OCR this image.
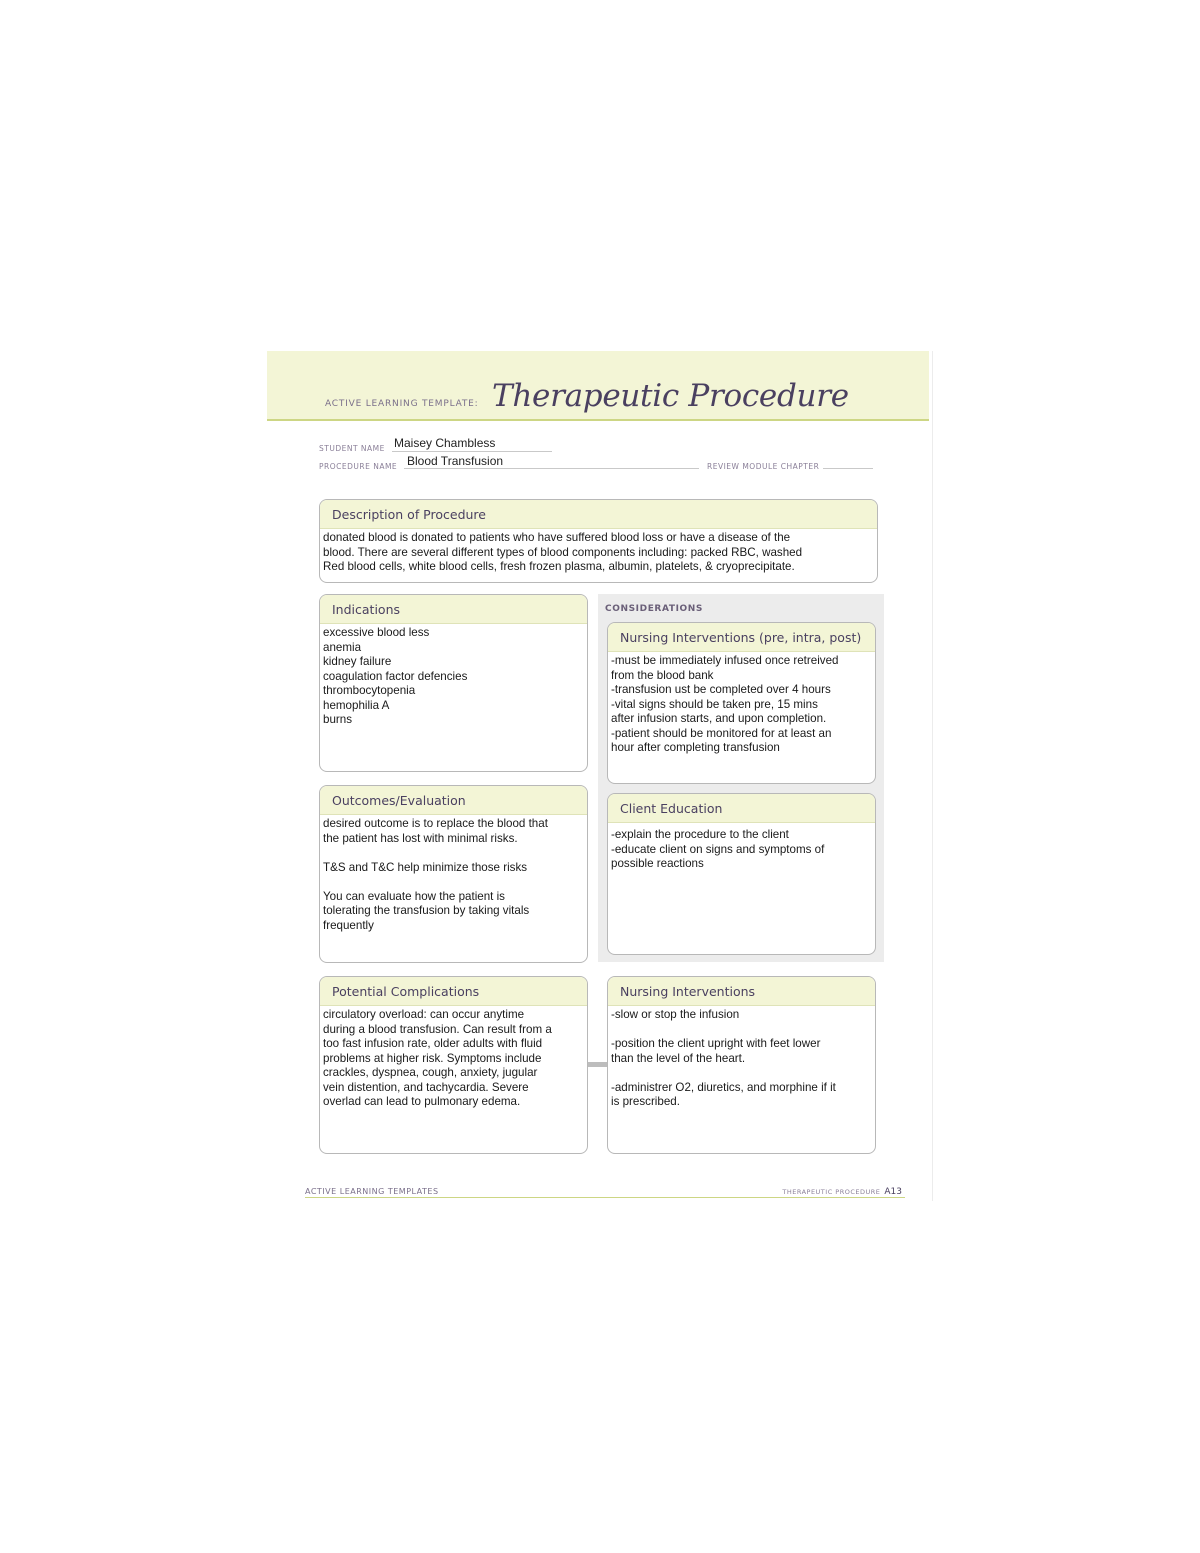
ACTIVE LEARNING TEMPLATE: Therapeutic Procedure
STUDENT NAME Maisey Chambless
PROCEDURE NAME Blood Transfusion	REVIEW MODULE CHAPTER
Description of Procedure

donated blood is donated to patients who have suffered blood loss or have a disease of the

blood. There are several different types of blood components including: packed RBC, washed

Red blood cells, white blood cells, fresh frozen plasma, albumin, platelets, & cryoprecipitate.

Indications

excessive blood less

anemia

kidney failure

coagulation factor defencies

thrombocytopenia

hemophilia A

burns

CONSIDERATIONS
Nursing Interventions (pre, intra, post)

-must be immediately infused once retreived

from the blood bank

-transfusion ust be completed over 4 hours

-vital signs should be taken pre, 15 mins

after infusion starts, and upon completion.

-patient should be monitored for at least an

hour after completing transfusion

Client Education

-explain the procedure to the client

-educate client on signs and symptoms of

possible reactions

Outcomes/Evaluation

desired outcome is to replace the blood that

the patient has lost with minimal risks.

T&S and T&C help minimize those risks

You can evaluate how the patient is

tolerating the transfusion by taking vitals

frequently

Potential Complications

circulatory overload: can occur anytime

during a blood transfusion. Can result from a

too fast infusion rate, older adults with fluid

problems at higher risk. Symptoms include

crackles, dyspnea, cough, anxiety, jugular

vein distention, and tachycardia. Severe

overlad can lead to pulmonary edema.

Nursing Interventions

-slow or stop the infusion

-position the client upright with feet lower

than the level of the heart.

-administrer O2, diuretics, and morphine if it

is prescribed.

ACTIVE LEARNING TEMPLATES	THERAPEUTIC PROCEDURE A13
